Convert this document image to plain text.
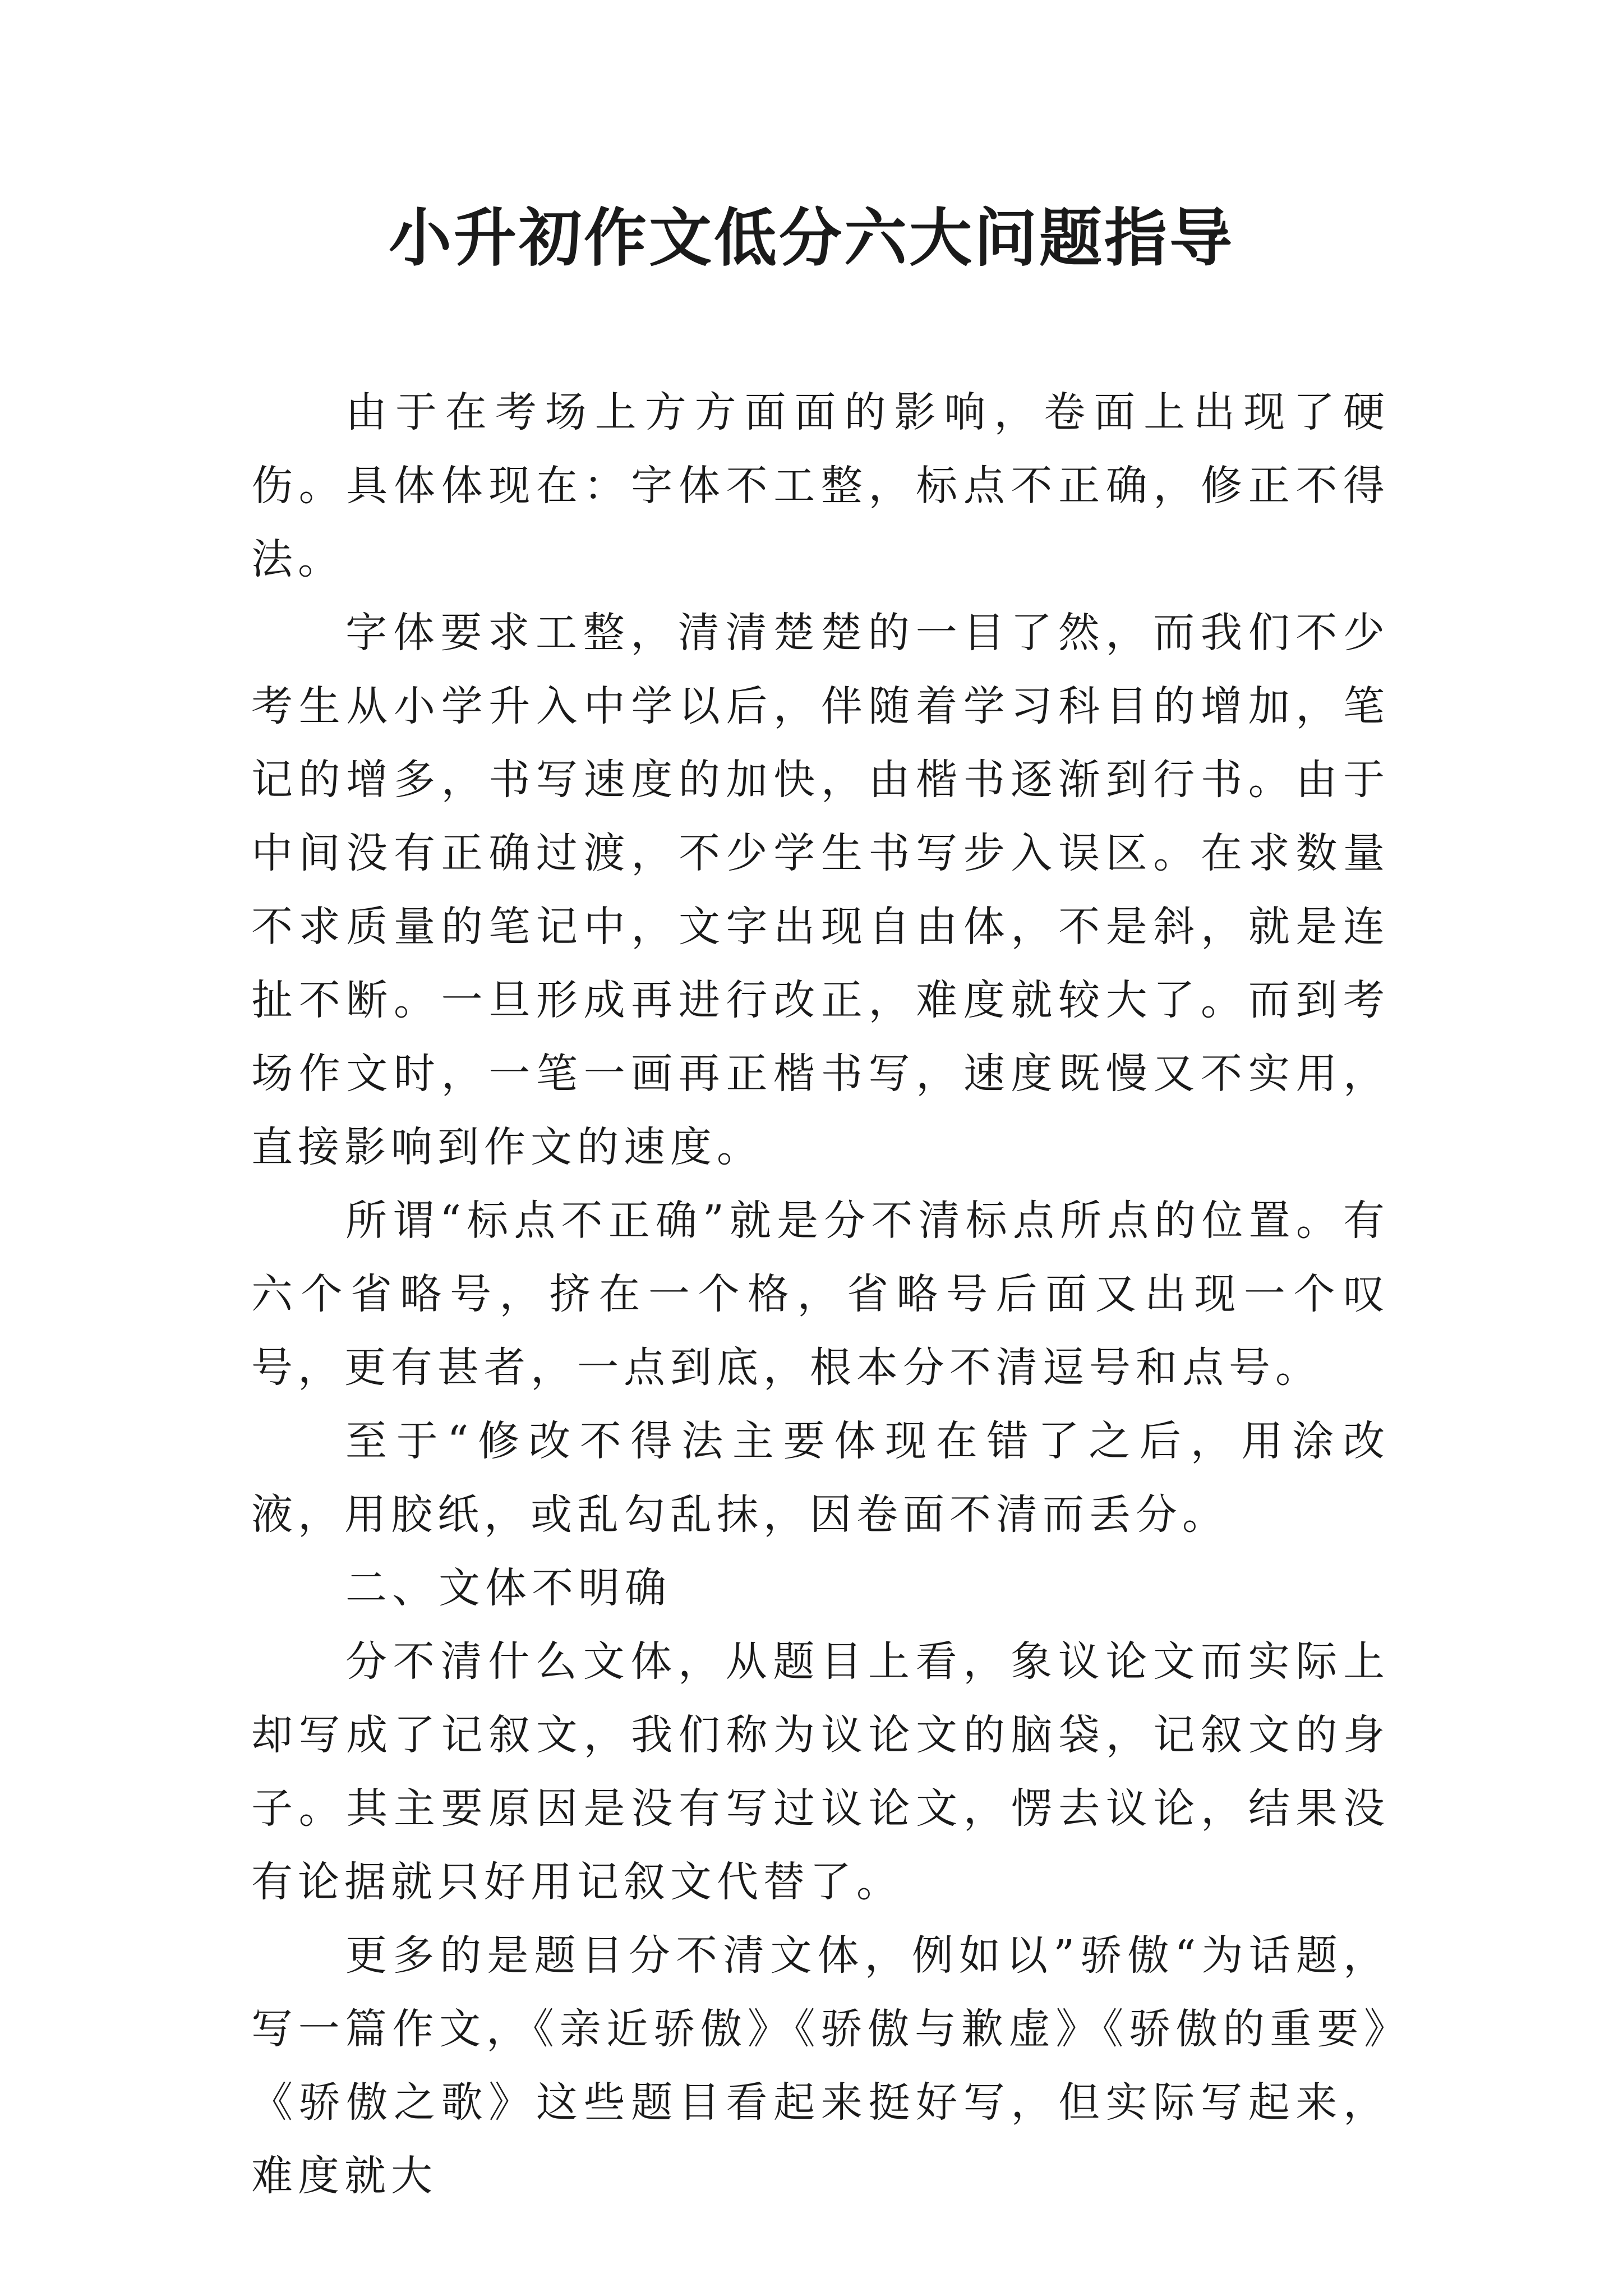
小升初作文低分六大问题指导

由于在考场上方方面面的影响，卷面上出现了硬伤。具体体现在：字体不工整，标点不正确，修正不得法。

字体要求工整，清清楚楚的一目了然，而我们不少考生从小学升入中学以后，伴随着学习科目的增加，笔记的增多，书写速度的加快，由楷书逐渐到行书。由于中间没有正确过渡，不少学生书写步入误区。在求数量不求质量的笔记中，文字出现自由体，不是斜，就是连扯不断。一旦形成再进行改正，难度就较大了。而到考场作文时，一笔一画再正楷书写，速度既慢又不实用，直接影响到作文的速度。

所谓“标点不正确”就是分不清标点所点的位置。有六个省略号，挤在一个格，省略号后面又出现一个叹号，更有甚者，一点到底，根本分不清逗号和点号。

至于“修改不得法主要体现在错了之后，用涂改液，用胶纸，或乱勾乱抹，因卷面不清而丢分。

二、文体不明确

分不清什么文体，从题目上看，象议论文而实际上却写成了记叙文，我们称为议论文的脑袋，记叙文的身子。其主要原因是没有写过议论文，愣去议论，结果没有论据就只好用记叙文代替了。

更多的是题目分不清文体，例如以”骄傲“为话题，写一篇作文，《亲近骄傲》《骄傲与歉虚》《骄傲的重要》《骄傲之歌》这些题目看起来挺好写，但实际写起来，难度就大
